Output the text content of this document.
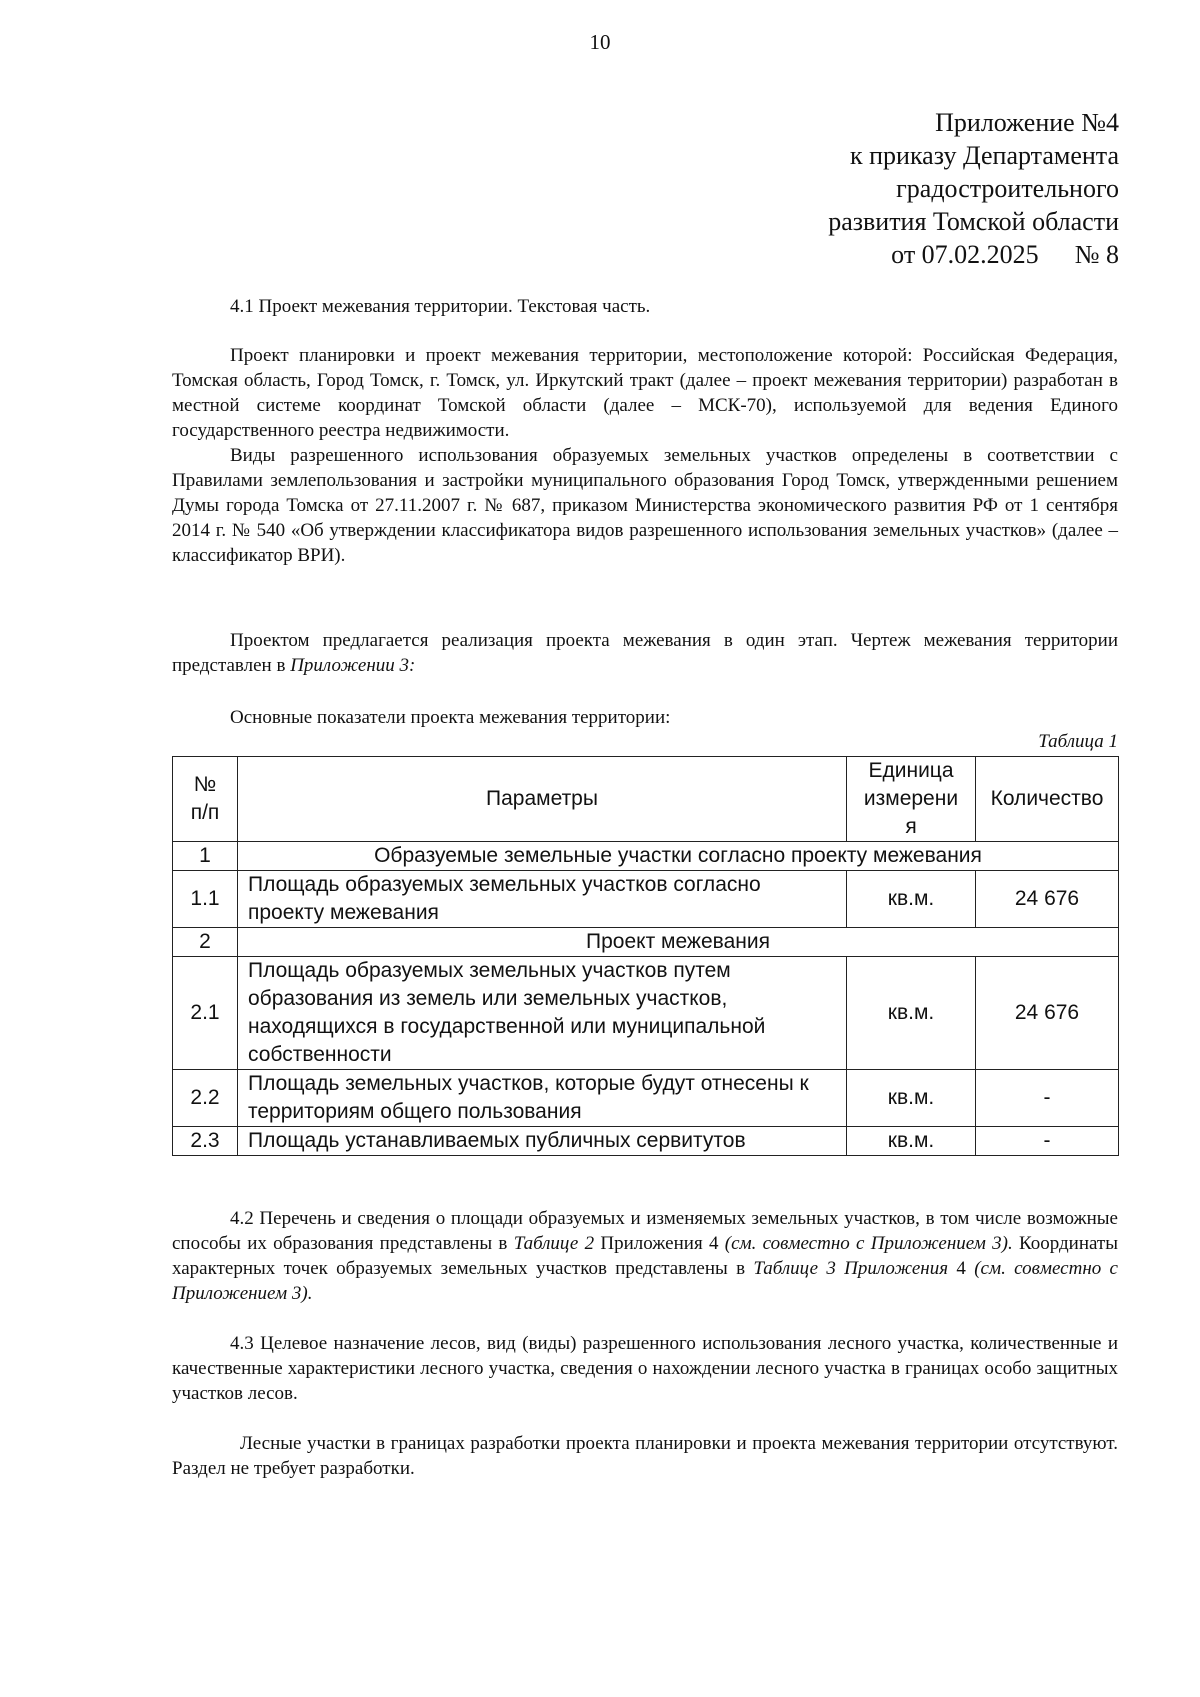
10
Приложение №4
к приказу Департамента
градостроительного
развития Томской области
от 07.02.2025 № 8

4.1 Проект межевания территории. Текстовая часть.

Проект планировки и проект межевания территории, местоположение которой: Российская Федерация, Томская область, Город Томск, г. Томск, ул. Иркутский тракт (далее – проект межевания территории) разработан в местной системе координат Томской области (далее – МСК-70), используемой для ведения Единого государственного реестра недвижимости.

Виды разрешенного использования образуемых земельных участков определены в соответствии с Правилами землепользования и застройки муниципального образования Город Томск, утвержденными решением Думы города Томска от 27.11.2007 г. № 687, приказом Министерства экономического развития РФ от 1 сентября 2014 г. № 540 «Об утверждении классификатора видов разрешенного использования земельных участков» (далее – классификатор ВРИ).

Проектом предлагается реализация проекта межевания в один этап. Чертеж межевания территории представлен в Приложении 3:

Основные показатели проекта межевания территории:

Таблица 1
№ п/п	Параметры	Единица измерени я	Количество
1	Образуемые земельные участки согласно проекту межевания		
1.1	Площадь образуемых земельных участков согласно проекту межевания	кв.м.	24 676
2	Проект межевания		
2.1	Площадь образуемых земельных участков путем образования из земель или земельных участков, находящихся в государственной или муниципальной собственности	кв.м.	24 676
2.2	Площадь земельных участков, которые будут отнесены к территориям общего пользования	кв.м.	-
2.3	Площадь устанавливаемых публичных сервитутов	кв.м.	-

4.2 Перечень и сведения о площади образуемых и изменяемых земельных участков, в том числе возможные способы их образования представлены в Таблице 2 Приложения 4 (см. совместно с Приложением 3). Координаты характерных точек образуемых земельных участков представлены в Таблице 3 Приложения 4 (см. совместно с Приложением 3).

4.3 Целевое назначение лесов, вид (виды) разрешенного использования лесного участка, количественные и качественные характеристики лесного участка, сведения о нахождении лесного участка в границах особо защитных участков лесов.

Лесные участки в границах разработки проекта планировки и проекта межевания территории отсутствуют. Раздел не требует разработки.
